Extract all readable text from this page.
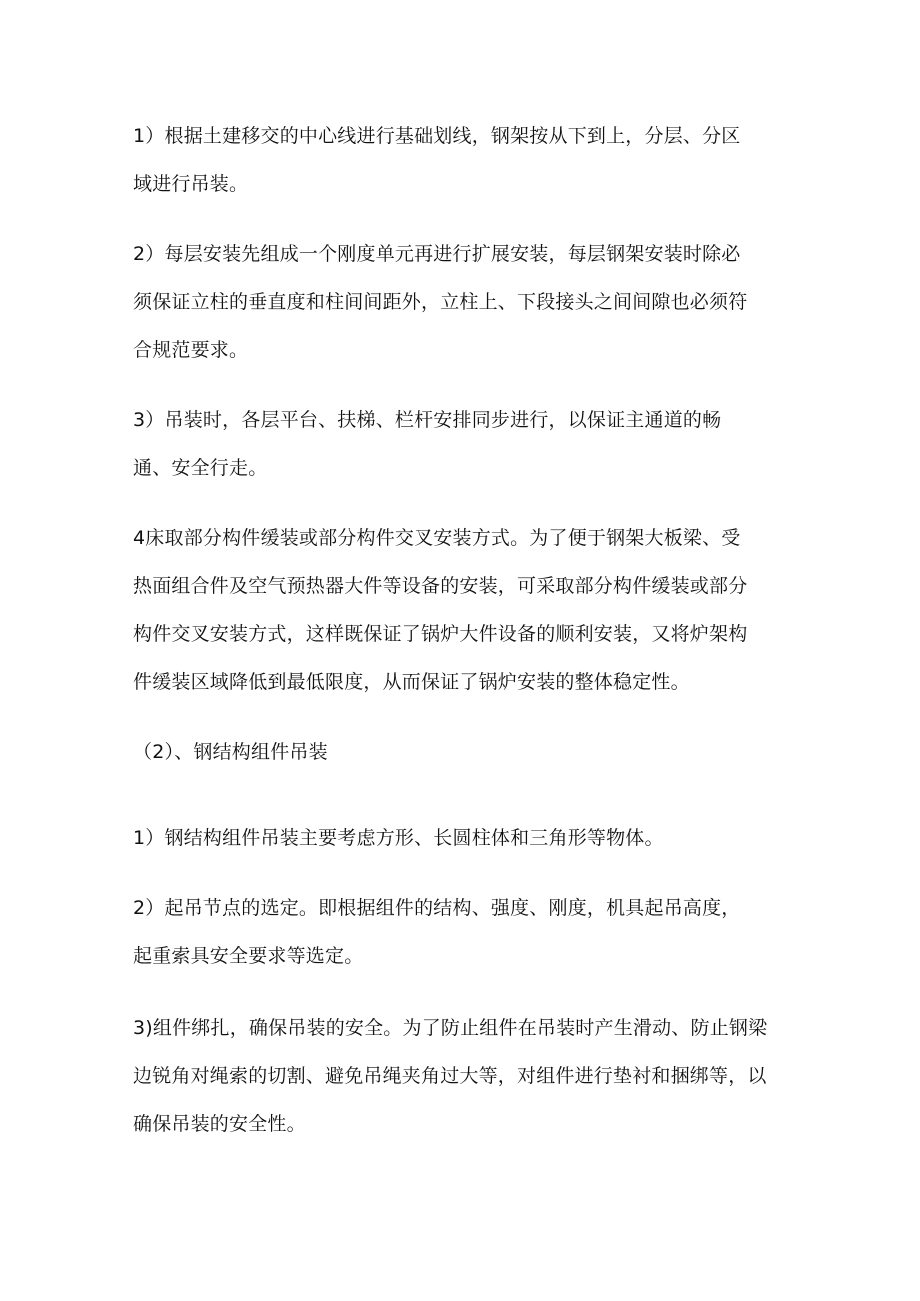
1）根据土建移交的中心线进行基础划线，钢架按从下到上，分层、分区
域进行吊装。
2）每层安装先组成一个刚度单元再进行扩展安装，每层钢架安装时除必
须保证立柱的垂直度和柱间间距外，立柱上、下段接头之间间隙也必须符
合规范要求。
3）吊装时，各层平台、扶梯、栏杆安排同步进行，以保证主通道的畅
通、安全行走。
4床取部分构件缓装或部分构件交叉安装方式。为了便于钢架大板梁、受
热面组合件及空气预热器大件等设备的安装，可采取部分构件缓装或部分
构件交叉安装方式，这样既保证了锅炉大件设备的顺利安装，又将炉架构
件缓装区域降低到最低限度，从而保证了锅炉安装的整体稳定性。
（2）、钢结构组件吊装
1）钢结构组件吊装主要考虑方形、长圆柱体和三角形等物体。
2）起吊节点的选定。即根据组件的结构、强度、刚度，机具起吊高度，
起重索具安全要求等选定。
3)组件绑扎，确保吊装的安全。为了防止组件在吊装时产生滑动、防止钢梁
边锐角对绳索的切割、避免吊绳夹角过大等，对组件进行垫衬和捆绑等，以
确保吊装的安全性。
